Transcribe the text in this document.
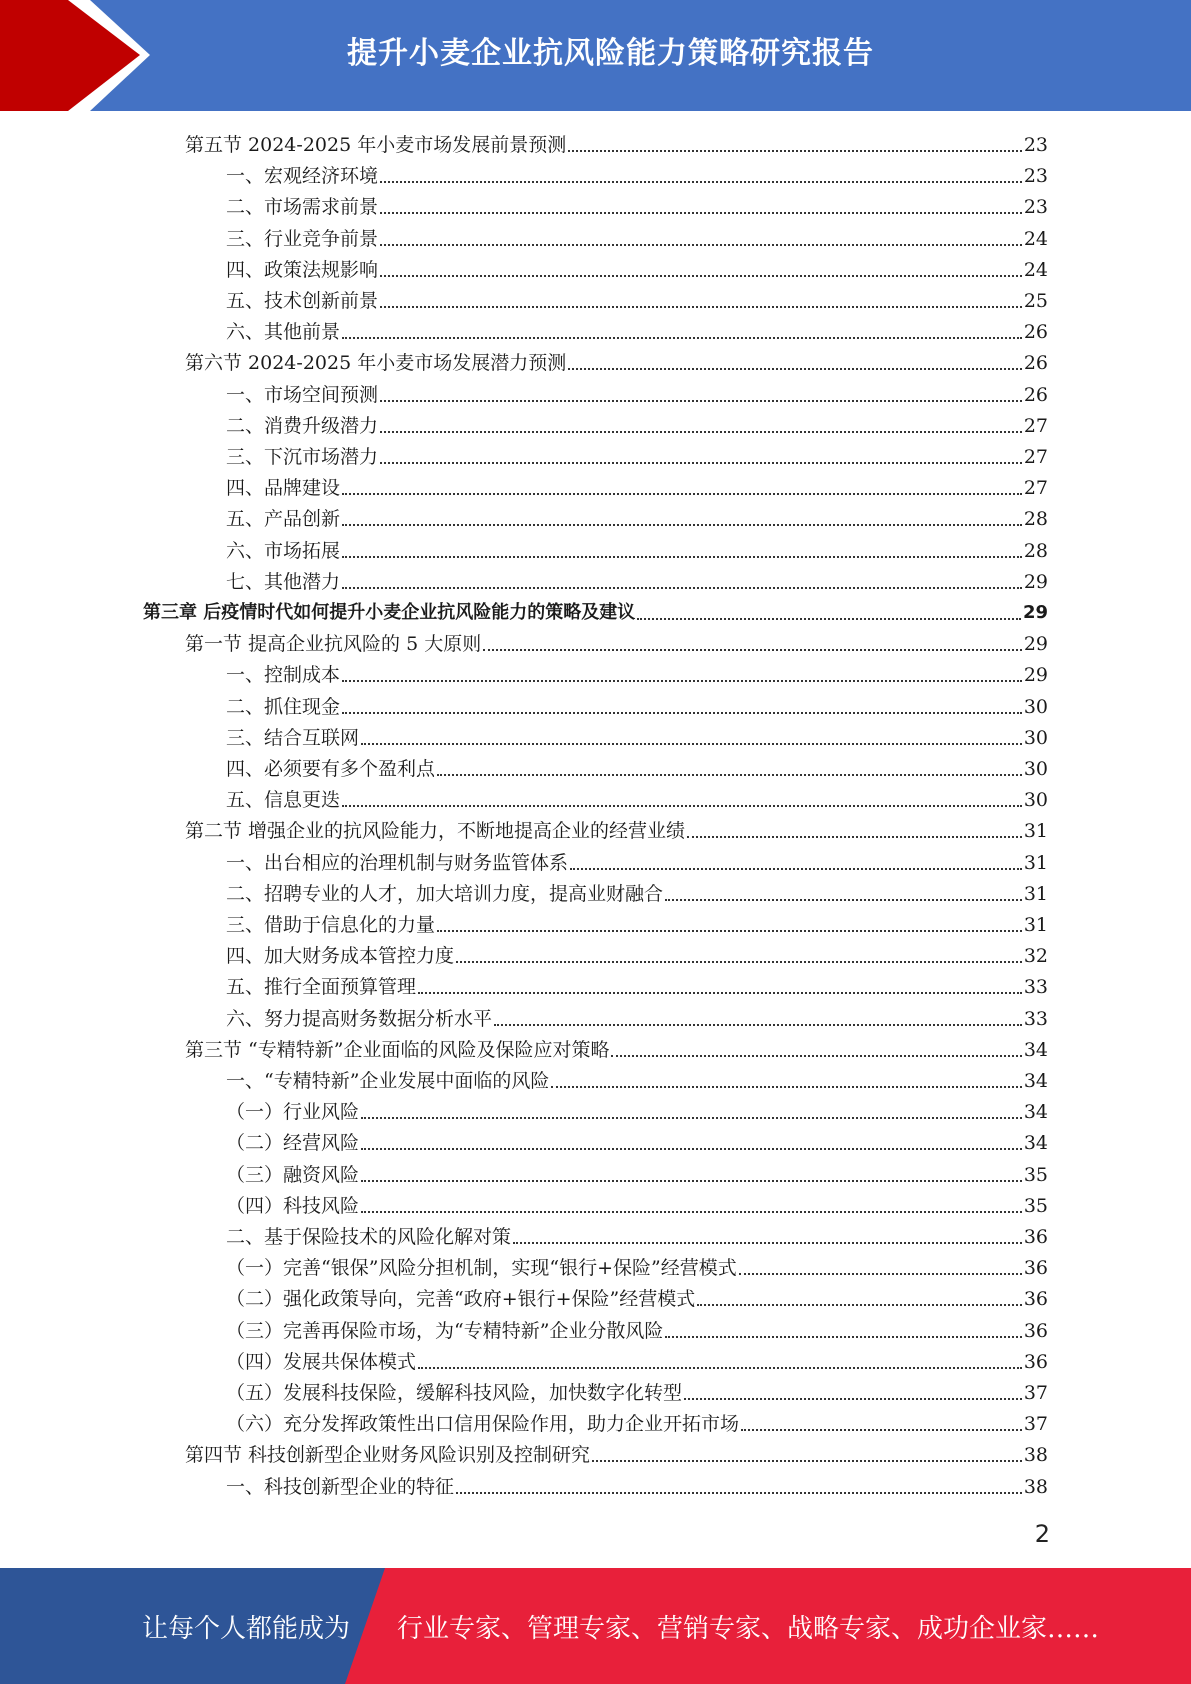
提升小麦企业抗风险能力策略研究报告
第五节 2024-2025 年小麦市场发展前景预测	23
一、宏观经济环境	23
二、市场需求前景	23
三、行业竞争前景	24
四、政策法规影响	24
五、技术创新前景	25
六、其他前景	26
第六节 2024-2025 年小麦市场发展潜力预测	26
一、市场空间预测	26
二、消费升级潜力	27
三、下沉市场潜力	27
四、品牌建设	27
五、产品创新	28
六、市场拓展	28
七、其他潜力	29
第三章 后疫情时代如何提升小麦企业抗风险能力的策略及建议	29
第一节 提高企业抗风险的 5 大原则	29
一、控制成本	29
二、抓住现金	30
三、结合互联网	30
四、必须要有多个盈利点	30
五、信息更迭	30
第二节 增强企业的抗风险能力，不断地提高企业的经营业绩	31
一、出台相应的治理机制与财务监管体系	31
二、招聘专业的人才，加大培训力度，提高业财融合	31
三、借助于信息化的力量	31
四、加大财务成本管控力度	32
五、推行全面预算管理	33
六、努力提高财务数据分析水平	33
第三节 “专精特新”企业面临的风险及保险应对策略	34
一、“专精特新”企业发展中面临的风险	34
（一）行业风险	34
（二）经营风险	34
（三）融资风险	35
（四）科技风险	35
二、基于保险技术的风险化解对策	36
（一）完善“银保”风险分担机制，实现“银行+保险”经营模式	36
（二）强化政策导向，完善“政府+银行+保险”经营模式	36
（三）完善再保险市场，为“专精特新”企业分散风险	36
（四）发展共保体模式	36
（五）发展科技保险，缓解科技风险，加快数字化转型	37
（六）充分发挥政策性出口信用保险作用，助力企业开拓市场	37
第四节 科技创新型企业财务风险识别及控制研究	38
一、科技创新型企业的特征	38
2
让每个人都能成为 行业专家、管理专家、营销专家、战略专家、成功企业家……
